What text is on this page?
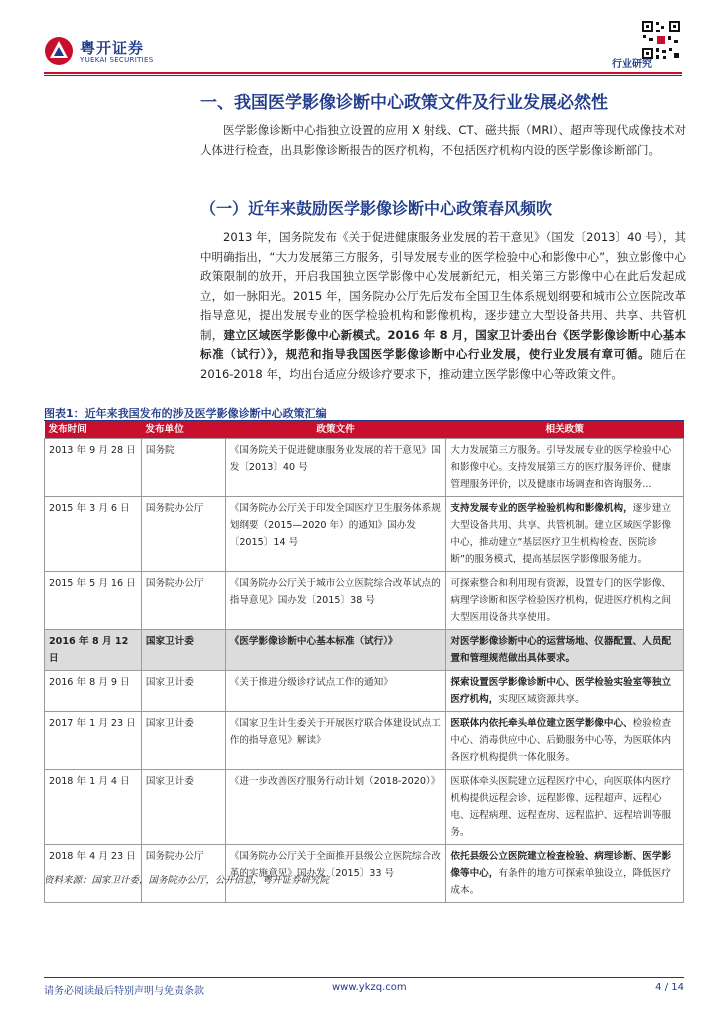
粤开证券
YUEKAI SECURITIES	行业研究
一、我国医学影像诊断中心政策文件及行业发展必然性

医学影像诊断中心指独立设置的应用 X 射线、CT、磁共振（MRI）、超声等现代成像技术对人体进行检查，出具影像诊断报告的医疗机构，不包括医疗机构内设的医学影像诊断部门。

（一）近年来鼓励医学影像诊断中心政策春风频吹

2013 年，国务院发布《关于促进健康服务业发展的若干意见》（国发〔2013〕40 号），其中明确指出，“大力发展第三方服务，引导发展专业的医学检验中心和影像中心”，独立影像中心政策限制的放开，开启我国独立医学影像中心发展新纪元，相关第三方影像中心在此后发起成立，如一脉阳光。2015 年，国务院办公厅先后发布全国卫生体系规划纲要和城市公立医院改革指导意见，提出发展专业的医学检验机构和影像机构，逐步建立大型设备共用、共享、共管机制，建立区域医学影像中心新模式。2016 年 8 月，国家卫计委出台《医学影像诊断中心基本标准（试行）》，规范和指导我国医学影像诊断中心行业发展，使行业发展有章可循。随后在 2016-2018 年，均出台适应分级诊疗要求下，推动建立医学影像中心等政策文件。

图表1：近年来我国发布的涉及医学影像诊断中心政策汇编
发布时间	发布单位	政策文件	相关政策
2013 年 9 月 28 日	国务院	《国务院关于促进健康服务业发展的若干意见》国发〔2013〕40 号	大力发展第三方服务。引导发展专业的医学检验中心和影像中心。支持发展第三方的医疗服务评价、健康管理服务评价，以及健康市场调查和咨询服务...
2015 年 3 月 6 日	国务院办公厅	《国务院办公厅关于印发全国医疗卫生服务体系规划纲要（2015—2020 年）的通知》国办发〔2015〕14 号	支持发展专业的医学检验机构和影像机构，逐步建立大型设备共用、共享、共管机制。建立区域医学影像中心，推动建立“基层医疗卫生机构检查、医院诊断”的服务模式，提高基层医学影像服务能力。
2015 年 5 月 16 日	国务院办公厅	《国务院办公厅关于城市公立医院综合改革试点的指导意见》国办发〔2015〕38 号	可探索整合和利用现有资源，设置专门的医学影像、病理学诊断和医学检验医疗机构，促进医疗机构之间大型医用设备共享使用。
2016 年 8 月 12 日	国家卫计委	《医学影像诊断中心基本标准（试行）》	对医学影像诊断中心的运营场地、仪器配置、人员配置和管理规范做出具体要求。
2016 年 8 月 9 日	国家卫计委	《关于推进分级诊疗试点工作的通知》	探索设置医学影像诊断中心、医学检验实验室等独立医疗机构，实现区域资源共享。
2017 年 1 月 23 日	国家卫计委	《国家卫生计生委关于开展医疗联合体建设试点工作的指导意见》解读》	医联体内依托牵头单位建立医学影像中心、检验检查中心、消毒供应中心、后勤服务中心等，为医联体内各医疗机构提供一体化服务。
2018 年 1 月 4 日	国家卫计委	《进一步改善医疗服务行动计划（2018-2020）》	医联体牵头医院建立远程医疗中心，向医联体内医疗机构提供远程会诊、远程影像、远程超声、远程心电、远程病理、远程查房、远程监护、远程培训等服务。
2018 年 4 月 23 日	国务院办公厅	《国务院办公厅关于全面推开县级公立医院综合改革的实施意见》国办发〔2015〕33 号	依托县级公立医院建立检查检验、病理诊断、医学影像等中心，有条件的地方可探索单独设立，降低医疗成本。
资料来源：国家卫计委，国务院办公厅，公开信息，粤开证券研究院
请务必阅读最后特别声明与免责条款	www.ykzq.com	4 / 14
